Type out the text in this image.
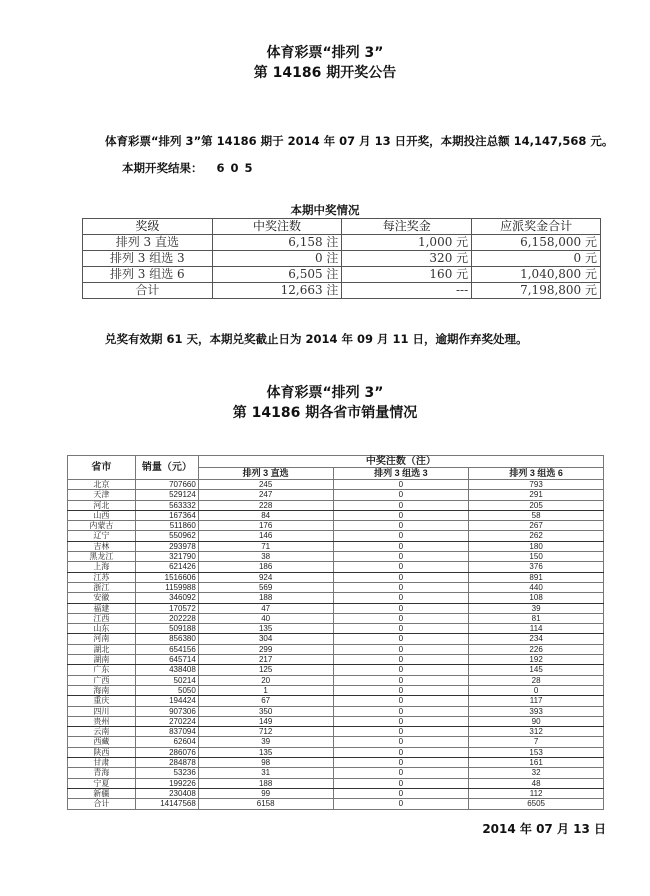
体育彩票“排列 3”
第 14186 期开奖公告
体育彩票“排列 3”第 14186 期于 2014 年 07 月 13 日开奖，本期投注总额 14,147,568 元。
本期开奖结果： 6 0 5
本期中奖情况
奖级	中奖注数	每注奖金	应派奖金合计
排列 3 直选	6,158 注	1,000 元	6,158,000 元
排列 3 组选 3	0 注	320 元	0 元
排列 3 组选 6	6,505 注	160 元	1,040,800 元
合计	12,663 注	---	7,198,800 元
兑奖有效期 61 天，本期兑奖截止日为 2014 年 09 月 11 日，逾期作弃奖处理。
体育彩票“排列 3”
第 14186 期各省市销量情况
省市	销量（元）	中奖注数（注）		
		排列 3 直选	排列 3 组选 3	排列 3 组选 6
北京	707660	245	0	793
天津	529124	247	0	291
河北	563332	228	0	205
山西	167364	84	0	58
内蒙古	511860	176	0	267
辽宁	550962	146	0	262
吉林	293978	71	0	180
黑龙江	321790	38	0	150
上海	621426	186	0	376
江苏	1516606	924	0	891
浙江	1159988	569	0	440
安徽	346092	188	0	108
福建	170572	47	0	39
江西	202228	40	0	81
山东	509188	135	0	114
河南	856380	304	0	234
湖北	654156	299	0	226
湖南	645714	217	0	192
广东	438408	125	0	145
广西	50214	20	0	28
海南	5050	1	0	0
重庆	194424	67	0	117
四川	907306	350	0	393
贵州	270224	149	0	90
云南	837094	712	0	312
西藏	62604	39	0	7
陕西	286076	135	0	153
甘肃	284878	98	0	161
青海	53236	31	0	32
宁夏	199226	188	0	48
新疆	230408	99	0	112
合计	14147568	6158	0	6505
2014 年 07 月 13 日
